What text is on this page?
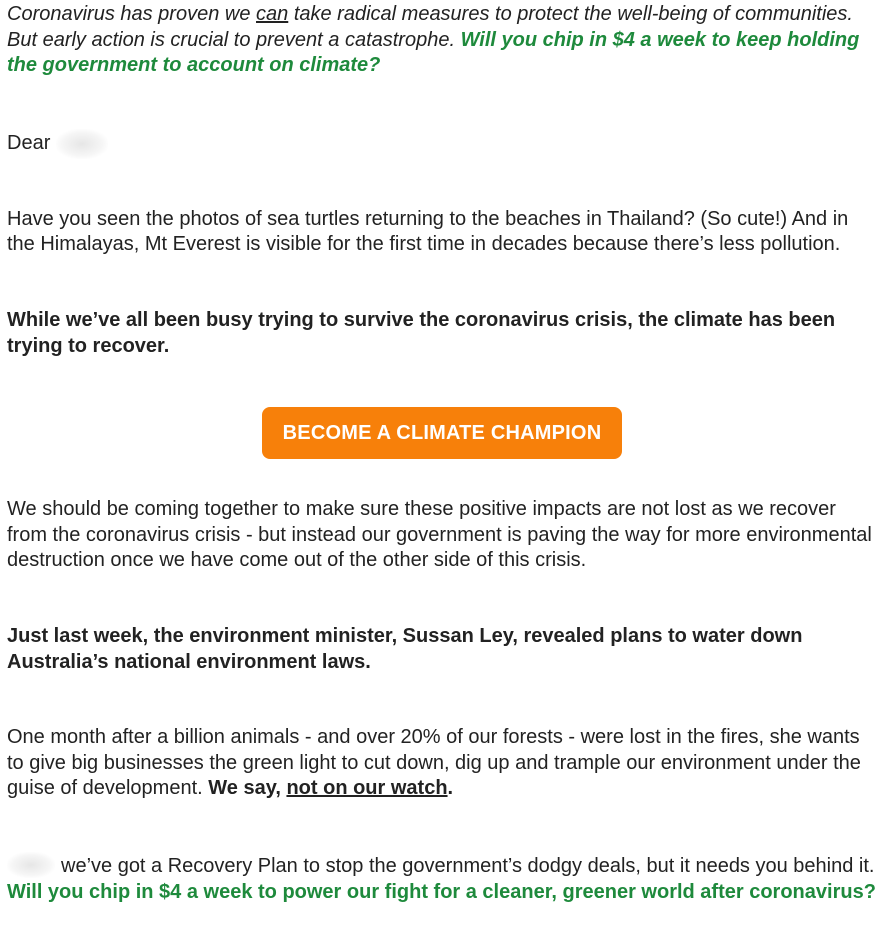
Coronavirus has proven we can take radical measures to protect the well-being of communities. But early action is crucial to prevent a catastrophe. Will you chip in $4 a week to keep holding the government to account on climate?

Dear

Have you seen the photos of sea turtles returning to the beaches in Thailand? (So cute!) And in the Himalayas, Mt Everest is visible for the first time in decades because there’s less pollution.

While we’ve all been busy trying to survive the coronavirus crisis, the climate has been trying to recover.

BECOME A CLIMATE CHAMPION

We should be coming together to make sure these positive impacts are not lost as we recover from the coronavirus crisis - but instead our government is paving the way for more environmental destruction once we have come out of the other side of this crisis.

Just last week, the environment minister, Sussan Ley, revealed plans to water down Australia’s national environment laws.

One month after a billion animals - and over 20% of our forests - were lost in the fires, she wants to give big businesses the green light to cut down, dig up and trample our environment under the guise of development. We say, not on our watch.

we’ve got a Recovery Plan to stop the government’s dodgy deals, but it needs you behind it. Will you chip in $4 a week to power our fight for a cleaner, greener world after coronavirus?
